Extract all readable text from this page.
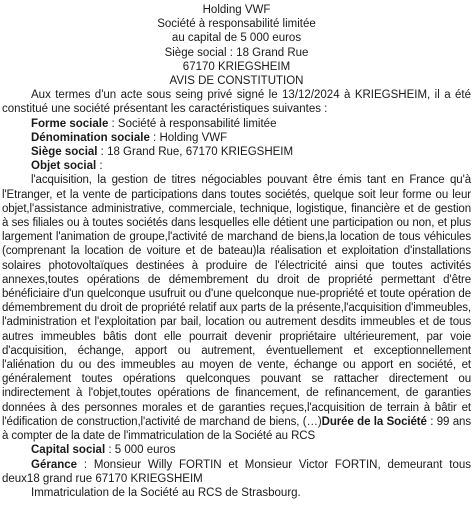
Holding VWF
Société à responsabilité limitée
au capital de 5 000 euros
Siège social : 18 Grand Rue
67170 KRIEGSHEIM
AVIS DE CONSTITUTION

Aux termes d'un acte sous seing privé signé le 13/12/2024 à KRIEGSHEIM, il a été constitué une société présentant les caractéristiques suivantes :

Forme sociale : Société à responsabilité limitée

Dénomination sociale : Holding VWF

Siège social : 18 Grand Rue, 67170 KRIEGSHEIM

Objet social :

l'acquisition, la gestion de titres négociables pouvant être émis tant en France qu'à l'Etranger, et la vente de participations dans toutes sociétés, quelque soit leur forme ou leur objet,l'assistance administrative, commerciale, technique, logistique, financière et de gestion à ses filiales ou à toutes sociétés dans lesquelles elle détient une participation ou non, et plus largement l'animation de groupe,l'activité de marchand de biens,la location de tous véhicules (comprenant la location de voiture et de bateau)la réalisation et exploitation d'installations solaires photovoltaïques destinées à produire de l'électricité ainsi que toutes activités annexes,toutes opérations de démembrement du droit de propriété permettant d'être bénéficiaire d'un quelconque usufruit ou d'une quelconque nue-propriété et toute opération de démembrement du droit de propriété relatif aux parts de la présente,l'acquisition d'immeubles, l'administration et l'exploitation par bail, location ou autrement desdits immeubles et de tous autres immeubles bâtis dont elle pourrait devenir propriétaire ultérieurement, par voie d'acquisition, échange, apport ou autrement, éventuellement et exceptionnellement l'aliénation du ou des immeubles au moyen de vente, échange ou apport en société, et généralement toutes opérations quelconques pouvant se rattacher directement ou indirectement à l'objet,toutes opérations de financement, de refinancement, de garanties données à des personnes morales et de garanties reçues,l'acquisition de terrain à bâtir et l'édification de construction,l'activité de marchand de biens, (…)Durée de la Société : 99 ans à compter de la date de l'immatriculation de la Société au RCS

Capital social : 5 000 euros

Gérance : Monsieur Willy FORTIN et Monsieur Victor FORTIN, demeurant tous deux18 grand rue 67170 KRIEGSHEIM

Immatriculation de la Société au RCS de Strasbourg.
